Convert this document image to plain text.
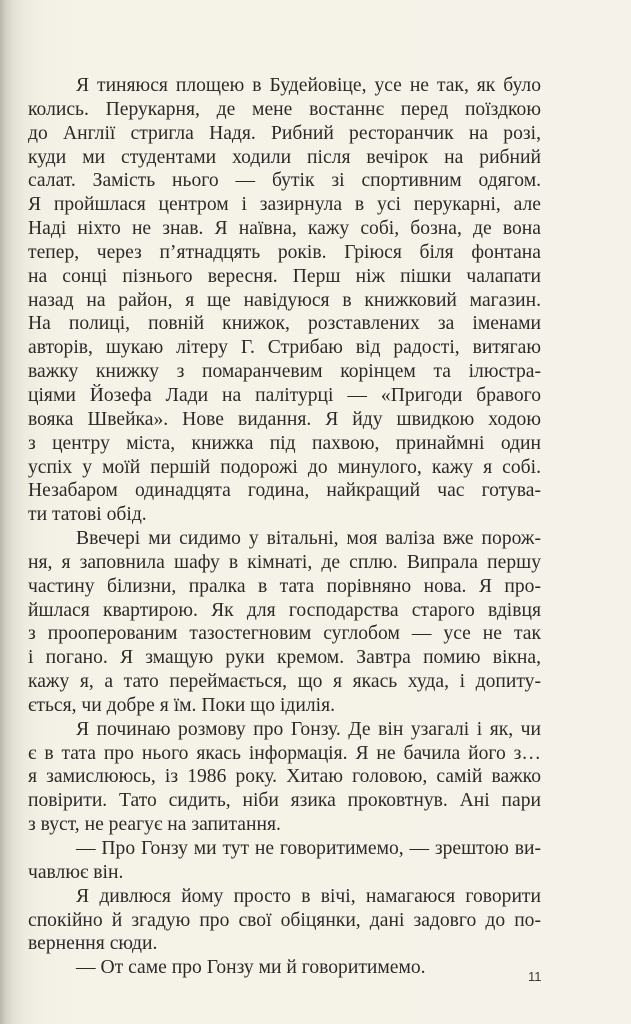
Я тиняюся площею в Будейовіце, усе не так, як було
колись. Перукарня, де мене востаннє перед поїздкою
до Англії стригла Надя. Рибний ресторанчик на розі,
куди ми студентами ходили після вечірок на рибний
салат. Замість нього — бутік зі спортивним одягом.
Я пройшлася центром і зазирнула в усі перукарні, але
Наді ніхто не знав. Я наївна, кажу собі, бозна, де вона
тепер, через п’ятнадцять років. Гріюся біля фонтана
на сонці пізнього вересня. Перш ніж пішки чалапати
назад на район, я ще навідуюся в книжковий магазин.
На полиці, повній книжок, розставлених за іменами
авторів, шукаю літеру Г. Стрибаю від радості, витягаю
важку книжку з помаранчевим корінцем та ілюстра-
ціями Йозефа Лади на палітурці — «Пригоди бравого
вояка Швейка». Нове видання. Я йду швидкою ходою
з центру міста, книжка під пахвою, принаймні один
успіх у моїй першій подорожі до минулого, кажу я собі.
Незабаром одинадцята година, найкращий час готува-
ти татові обід.
Ввечері ми сидимо у вітальні, моя валіза вже порож-
ня, я заповнила шафу в кімнаті, де сплю. Випрала першу
частину білизни, пралка в тата порівняно нова. Я про-
йшлася квартирою. Як для господарства старого вдівця
з прооперованим тазостегновим суглобом — усе не так
і погано. Я змащую руки кремом. Завтра помию вікна,
кажу я, а тато переймається, що я якась худа, і допиту-
ється, чи добре я їм. Поки що ідилія.
Я починаю розмову про Гонзу. Де він узагалі і як, чи
є в тата про нього якась інформація. Я не бачила його з…
я замислююсь, із 1986 року. Хитаю головою, самій важко
повірити. Тато сидить, ніби язика проковтнув. Ані пари
з вуст, не реагує на запитання.
— Про Гонзу ми тут не говоритимемо, — зрештою ви-
чавлює він.
Я дивлюся йому просто в вічі, намагаюся говорити
спокійно й згадую про свої обіцянки, дані задовго до по-
вернення сюди.
— От саме про Гонзу ми й говоритимемо.	11
